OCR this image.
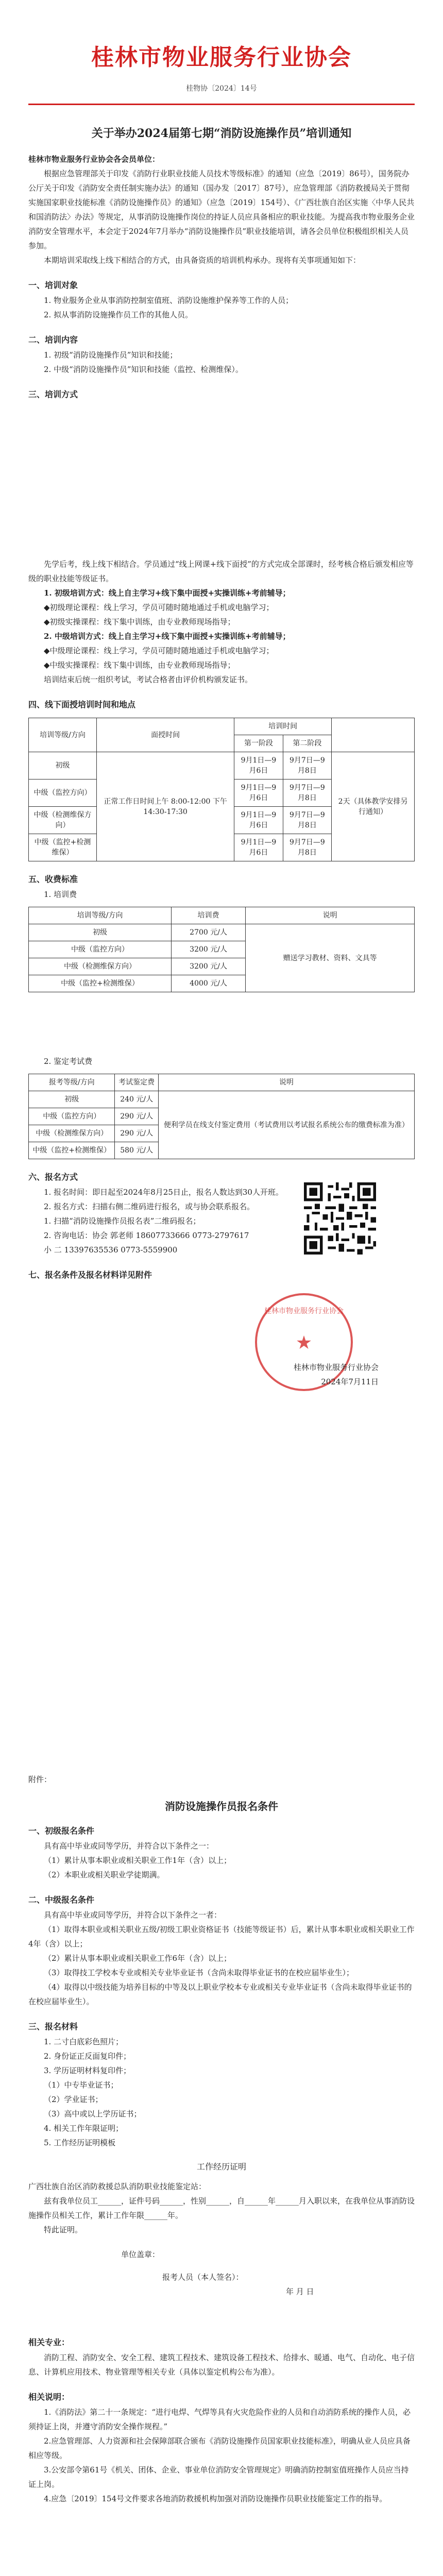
桂林市物业服务行业协会
桂物协〔2024〕14号
关于举办2024届第七期“消防设施操作员”培训通知

桂林市物业服务行业协会各会员单位：

根据应急管理部关于印发《消防行业职业技能人员技术等级标准》的通知（应急〔2019〕86号），国务院办公厅关于印发《消防安全责任制实施办法》的通知（国办发〔2017〕87号），应急管理部《消防救援局关于贯彻实施国家职业技能标准《消防设施操作员》的通知》（应急〔2019〕154号）、《广西壮族自治区实施〈中华人民共和国消防法〉办法》等规定，从事消防设施操作岗位的持证人员应具备相应的职业技能。为提高我市物业服务企业消防安全管理水平，本会定于2024年7月举办“消防设施操作员”职业技能培训，请各会员单位积极组织相关人员参加。

本期培训采取线上线下相结合的方式，由具备资质的培训机构承办。现将有关事项通知如下：

一、培训对象

1. 物业服务企业从事消防控制室值班、消防设施维护保养等工作的人员；

2. 拟从事消防设施操作员工作的其他人员。

二、培训内容

1. 初级“消防设施操作员”知识和技能；

2. 中级“消防设施操作员”知识和技能（监控、检测维保）。

三、培训方式

先学后考，线上线下相结合。学员通过“线上网课+线下面授”的方式完成全部课时，经考核合格后颁发相应等级的职业技能等级证书。

1. 初级培训方式：线上自主学习+线下集中面授+实操训练+考前辅导；

◆初级理论课程：线上学习，学员可随时随地通过手机或电脑学习；

◆初级实操课程：线下集中训练，由专业教师现场指导；

2. 中级培训方式：线上自主学习+线下集中面授+实操训练+考前辅导；

◆中级理论课程：线上学习，学员可随时随地通过手机或电脑学习；

◆中级实操课程：线下集中训练，由专业教师现场指导；

培训结束后统一组织考试，考试合格者由评价机构颁发证书。

四、线下面授培训时间和地点
培训等级/方向	面授时间	培训时间		
		第一阶段	第二阶段	
初级	正常工作日时间上午 8:00-12:00 下午 14:30-17:30	9月1日—9月6日	9月7日—9月8日	2天（具体教学安排另行通知）
中级（监控方向）		9月1日—9月6日	9月7日—9月8日	
中级（检测维保方向）		9月1日—9月6日	9月7日—9月8日	
中级（监控+检测维保）		9月1日—9月6日	9月7日—9月8日	
五、收费标准

1. 培训费

培训等级/方向	培训费	说明
初级	2700 元/人	赠送学习教材、资料、文具等
中级（监控方向）	3200 元/人	
中级（检测维保方向）	3200 元/人	
中级（监控+检测维保）	4000 元/人	

2. 鉴定考试费

报考等级/方向	考试鉴定费	说明
初级	240 元/人	便利学员在线支付鉴定费用（考试费用以考试报名系统公布的缴费标准为准）
中级（监控方向）	290 元/人	
中级（检测维保方向）	290 元/人	
中级（监控+检测维保）	580 元/人	
六、报名方式

1. 报名时间：即日起至2024年8月25日止，报名人数达到30人开班。

2. 报名方式：扫描右侧二维码进行报名，或与协会联系报名。

1. 扫描“消防设施操作员报名表”二维码报名；

2. 咨询电话：协会 郭老师 18607733666 0773-2797617

小 二 13397635536 0773-5559900

七、报名条件及报名材料详见附件
桂林市物业服务行业协会
★
桂林市物业服务行业协会
2024年7月11日

附件：

消防设施操作员报名条件
一、初级报名条件

具有高中毕业或同等学历，并符合以下条件之一：

（1）累计从事本职业或相关职业工作1年（含）以上；

（2）本职业或相关职业学徒期满。

二、中级报名条件

具有高中毕业或同等学历，并符合以下条件之一者：

（1）取得本职业或相关职业五级/初级工职业资格证书（技能等级证书）后，累计从事本职业或相关职业工作4年（含）以上；

（2）累计从事本职业或相关职业工作6年（含）以上；

（3）取得技工学校本专业或相关专业毕业证书（含尚未取得毕业证书的在校应届毕业生）；

（4）取得以中级技能为培养目标的中等及以上职业学校本专业或相关专业毕业证书（含尚未取得毕业证书的在校应届毕业生）。

三、报名材料

1. 二寸白底彩色照片；

2. 身份证正反面复印件；

3. 学历证明材料复印件；

（1）中专毕业证书；

（2）学业证书；

（3）高中或以上学历证书；

4. 相关工作年限证明；

5. 工作经历证明模板

工作经历证明

广西壮族自治区消防救援总队消防职业技能鉴定站：

兹有我单位员工______，证件号码______，性别______，自______年______月入职以来，在我单位从事消防设施操作员相关工作，累计工作年限______年。

特此证明。

单位盖章：

报考人员（本人签名）：

年 月 日

相关专业：

消防工程、消防安全、安全工程、建筑工程技术、建筑设备工程技术、给排水、暖通、电气、自动化、电子信息、计算机应用技术、物业管理等相关专业（具体以鉴定机构公布为准）。

相关说明：

1.《消防法》第二十一条规定：“进行电焊、气焊等具有火灾危险作业的人员和自动消防系统的操作人员，必须持证上岗，并遵守消防安全操作规程。”

2.应急管理部、人力资源和社会保障部联合颁布《消防设施操作员国家职业技能标准》，明确从业人员应具备相应等级。

3.公安部令第61号《机关、团体、企业、事业单位消防安全管理规定》明确消防控制室值班操作人员应当持证上岗。

4.应急〔2019〕154号文件要求各地消防救援机构加强对消防设施操作员职业技能鉴定工作的指导。
